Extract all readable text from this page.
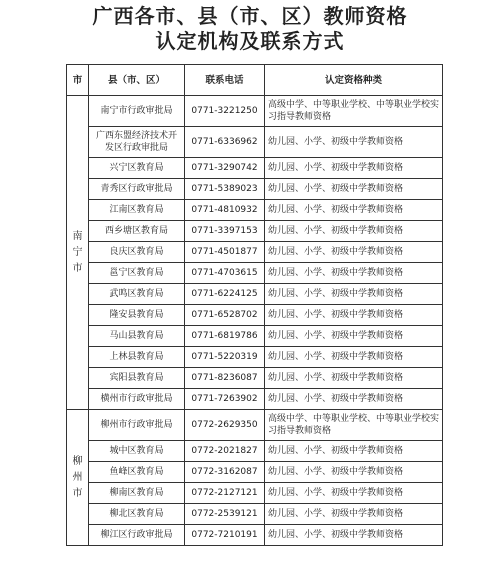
广西各市、县（市、区）教师资格
认定机构及联系方式
市	县（市、区）	联系电话	认定资格种类
南宁市	南宁市行政审批局	0771-3221250	高级中学、中等职业学校、中等职业学校实习指导教师资格
	广西东盟经济技术开发区行政审批局	0771-6336962	幼儿园、小学、初级中学教师资格
	兴宁区教育局	0771-3290742	幼儿园、小学、初级中学教师资格
	青秀区行政审批局	0771-5389023	幼儿园、小学、初级中学教师资格
	江南区教育局	0771-4810932	幼儿园、小学、初级中学教师资格
	西乡塘区教育局	0771-3397153	幼儿园、小学、初级中学教师资格
	良庆区教育局	0771-4501877	幼儿园、小学、初级中学教师资格
	邕宁区教育局	0771-4703615	幼儿园、小学、初级中学教师资格
	武鸣区教育局	0771-6224125	幼儿园、小学、初级中学教师资格
	隆安县教育局	0771-6528702	幼儿园、小学、初级中学教师资格
	马山县教育局	0771-6819786	幼儿园、小学、初级中学教师资格
	上林县教育局	0771-5220319	幼儿园、小学、初级中学教师资格
	宾阳县教育局	0771-8236087	幼儿园、小学、初级中学教师资格
	横州市行政审批局	0771-7263902	幼儿园、小学、初级中学教师资格
柳州市	柳州市行政审批局	0772-2629350	高级中学、中等职业学校、中等职业学校实习指导教师资格
	城中区教育局	0772-2021827	幼儿园、小学、初级中学教师资格
	鱼峰区教育局	0772-3162087	幼儿园、小学、初级中学教师资格
	柳南区教育局	0772-2127121	幼儿园、小学、初级中学教师资格
	柳北区教育局	0772-2539121	幼儿园、小学、初级中学教师资格
	柳江区行政审批局	0772-7210191	幼儿园、小学、初级中学教师资格
